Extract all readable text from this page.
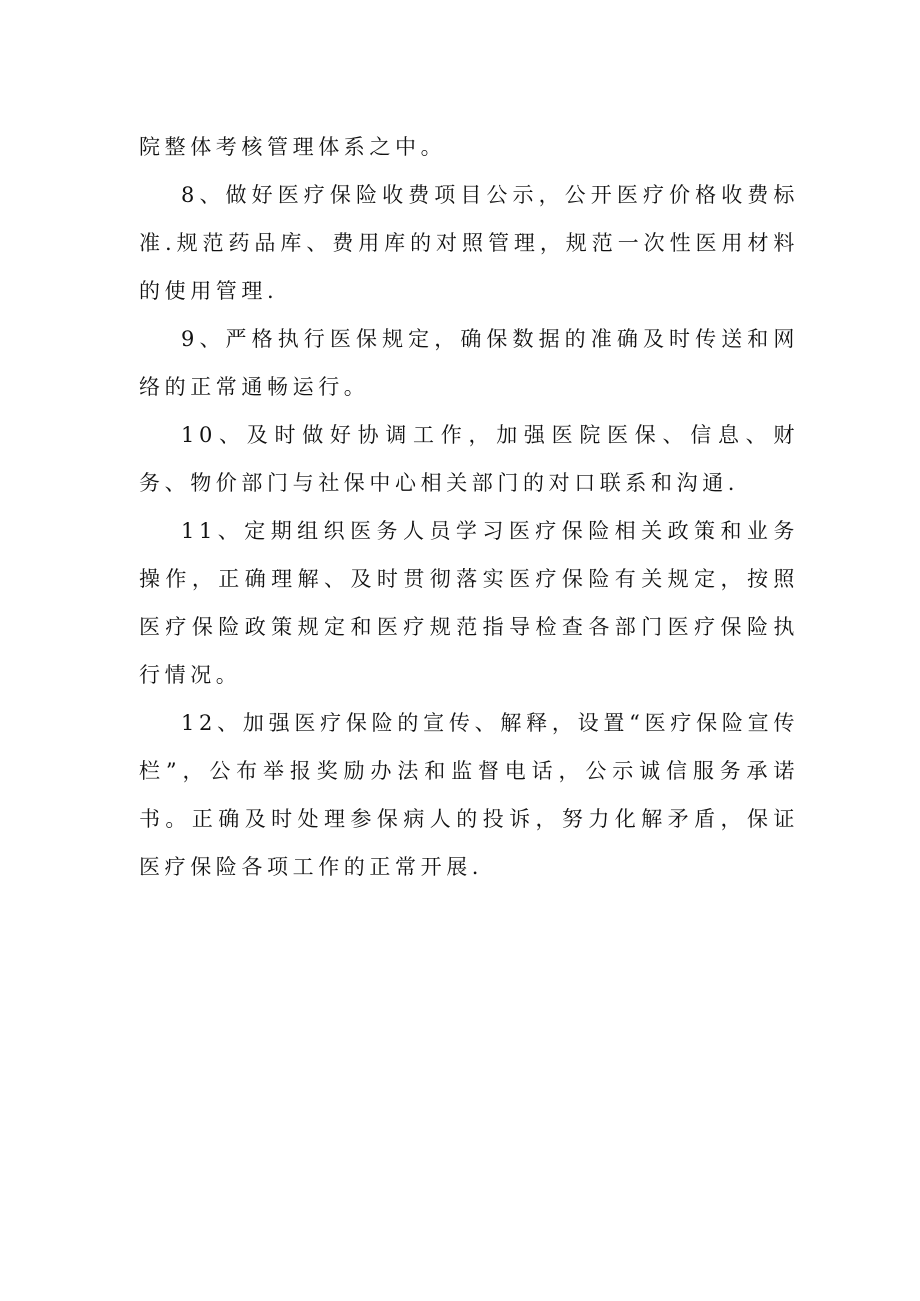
院整体考核管理体系之中。

8、做好医疗保险收费项目公示，公开医疗价格收费标准.规范药品库、费用库的对照管理，规范一次性医用材料的使用管理.

9、严格执行医保规定，确保数据的准确及时传送和网络的正常通畅运行。

10、及时做好协调工作，加强医院医保、信息、财务、物价部门与社保中心相关部门的对口联系和沟通.

11、定期组织医务人员学习医疗保险相关政策和业务操作，正确理解、及时贯彻落实医疗保险有关规定，按照医疗保险政策规定和医疗规范指导检查各部门医疗保险执行情况。

12、加强医疗保险的宣传、解释，设置“医疗保险宣传栏”，公布举报奖励办法和监督电话，公示诚信服务承诺书。正确及时处理参保病人的投诉，努力化解矛盾，保证医疗保险各项工作的正常开展.
